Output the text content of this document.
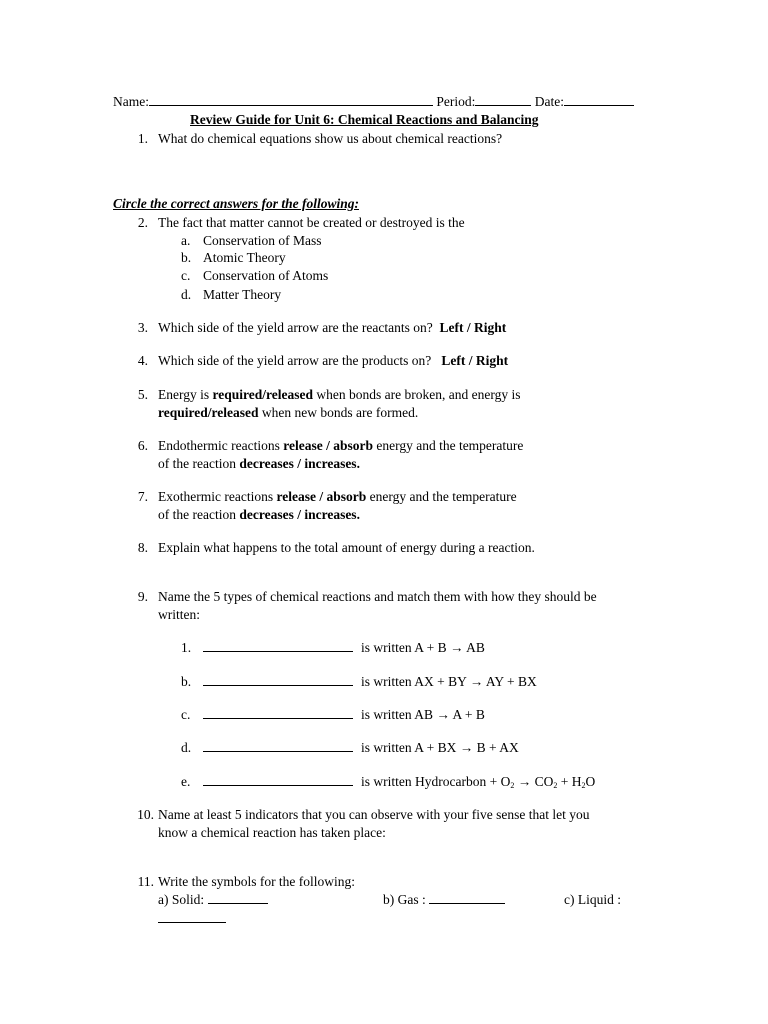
Name:	Period:	Date:
Review Guide for Unit 6: Chemical Reactions and Balancing
1. What do chemical equations show us about chemical reactions?
Circle the correct answers for the following:
2. The fact that matter cannot be created or destroyed is the
a. Conservation of Mass
b. Atomic Theory
c. Conservation of Atoms
d. Matter Theory
3. Which side of the yield arrow are the reactants on? Left / Right
4. Which side of the yield arrow are the products on? Left / Right
5. Energy is required/released when bonds are broken, and energy is
required/released when new bonds are formed.
6. Endothermic reactions release / absorb energy and the temperature
of the reaction decreases / increases.
7. Exothermic reactions release / absorb energy and the temperature
of the reaction decreases / increases.
8. Explain what happens to the total amount of energy during a reaction.
9. Name the 5 types of chemical reactions and match them with how they should be
written:
1.	is written A + B → AB
b.	is written AX + BY → AY + BX
c.	is written AB → A + B
d.	is written A + BX → B + AX
e.	is written Hydrocarbon + $O_2 \to CO_2 + H_2O$
10. Name at least 5 indicators that you can observe with your five sense that let you
know a chemical reaction has taken place:
11. Write the symbols for the following:
a) Solid:	b) Gas :	c) Liquid :
